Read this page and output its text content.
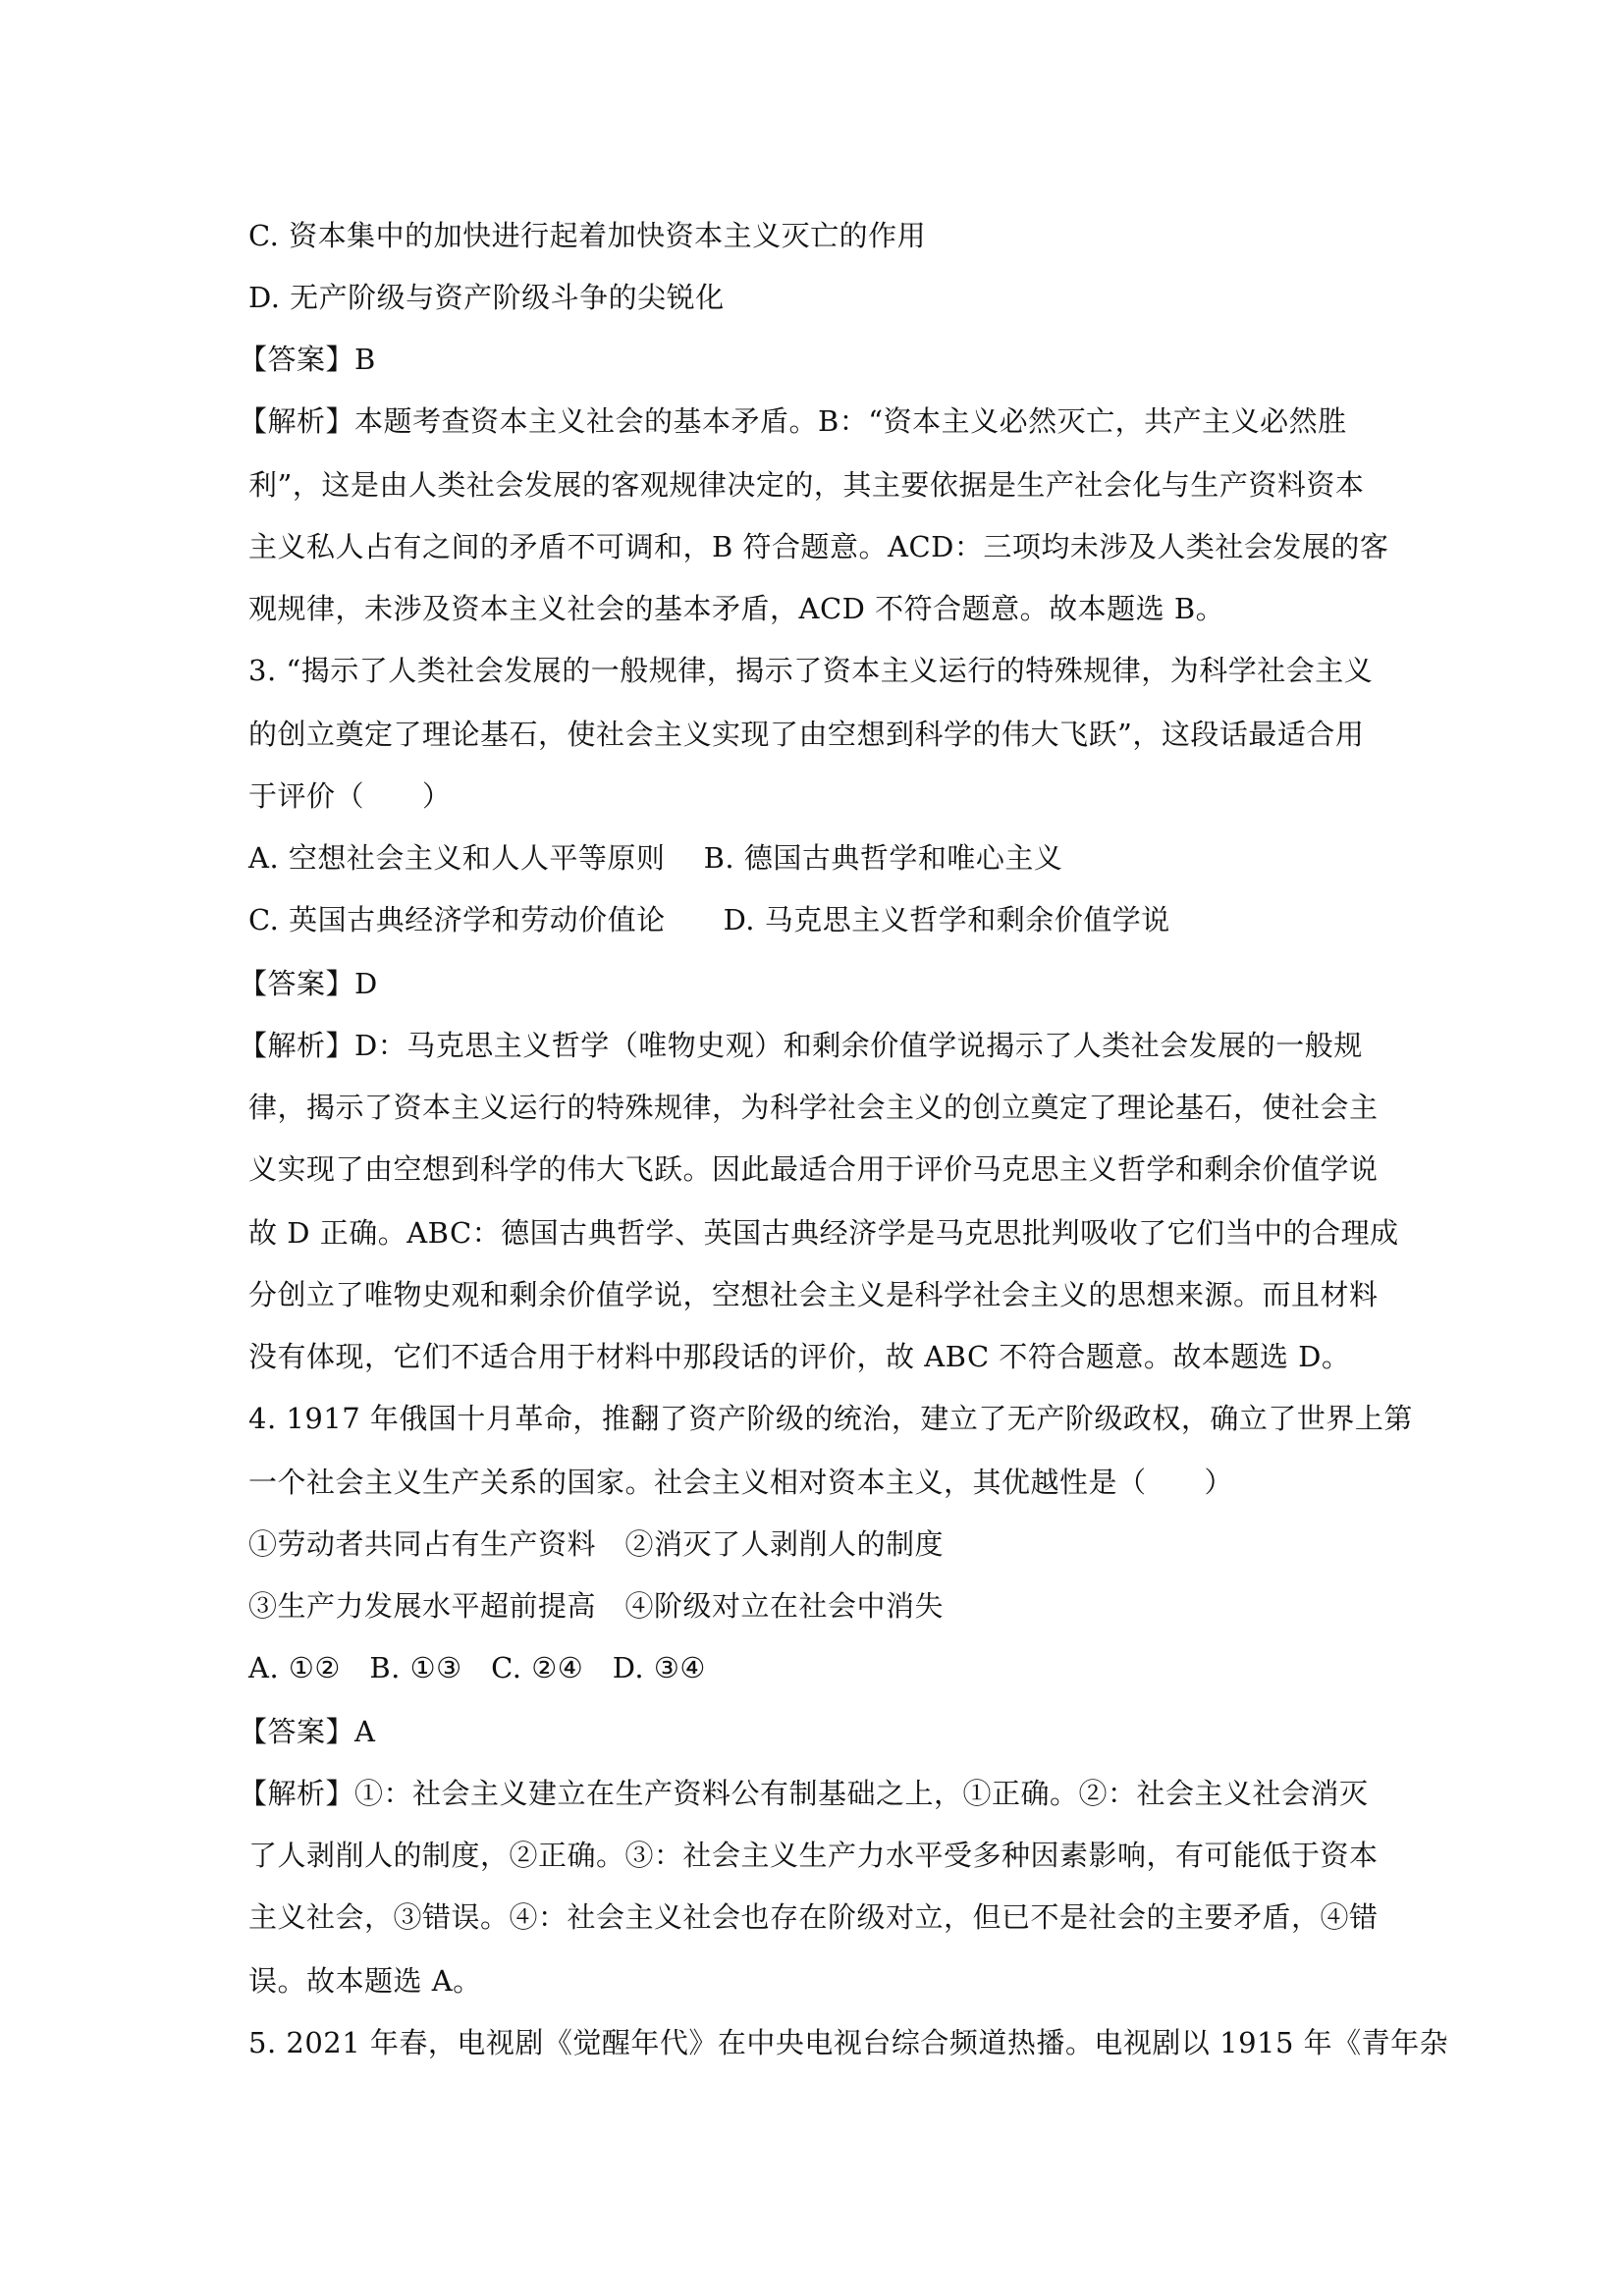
C. 资本集中的加快进行起着加快资本主义灭亡的作用
D. 无产阶级与资产阶级斗争的尖锐化
【答案】B
【解析】本题考查资本主义社会的基本矛盾。B：“资本主义必然灭亡，共产主义必然胜
利”，这是由人类社会发展的客观规律决定的，其主要依据是生产社会化与生产资料资本
主义私人占有之间的矛盾不可调和，B 符合题意。ACD：三项均未涉及人类社会发展的客
观规律，未涉及资本主义社会的基本矛盾，ACD 不符合题意。故本题选 B。
3. “揭示了人类社会发展的一般规律，揭示了资本主义运行的特殊规律，为科学社会主义
的创立奠定了理论基石，使社会主义实现了由空想到科学的伟大飞跃”，这段话最适合用
于评价（　　）
A. 空想社会主义和人人平等原则　 B. 德国古典哲学和唯心主义
C. 英国古典经济学和劳动价值论　　D. 马克思主义哲学和剩余价值学说
【答案】D
【解析】D：马克思主义哲学（唯物史观）和剩余价值学说揭示了人类社会发展的一般规
律，揭示了资本主义运行的特殊规律，为科学社会主义的创立奠定了理论基石，使社会主
义实现了由空想到科学的伟大飞跃。因此最适合用于评价马克思主义哲学和剩余价值学说
故 D 正确。ABC：德国古典哲学、英国古典经济学是马克思批判吸收了它们当中的合理成
分创立了唯物史观和剩余价值学说，空想社会主义是科学社会主义的思想来源。而且材料
没有体现，它们不适合用于材料中那段话的评价，故 ABC 不符合题意。故本题选 D。
4. 1917 年俄国十月革命，推翻了资产阶级的统治，建立了无产阶级政权，确立了世界上第
一个社会主义生产关系的国家。社会主义相对资本主义，其优越性是（　　）
①劳动者共同占有生产资料　②消灭了人剥削人的制度
③生产力发展水平超前提高　④阶级对立在社会中消失
A. ①②　B. ①③　C. ②④　D. ③④
【答案】A
【解析】①：社会主义建立在生产资料公有制基础之上，①正确。②：社会主义社会消灭
了人剥削人的制度，②正确。③：社会主义生产力水平受多种因素影响，有可能低于资本
主义社会，③错误。④：社会主义社会也存在阶级对立，但已不是社会的主要矛盾，④错
误。故本题选 A。
5. 2021 年春，电视剧《觉醒年代》在中央电视台综合频道热播。电视剧以 1915 年《青年杂
